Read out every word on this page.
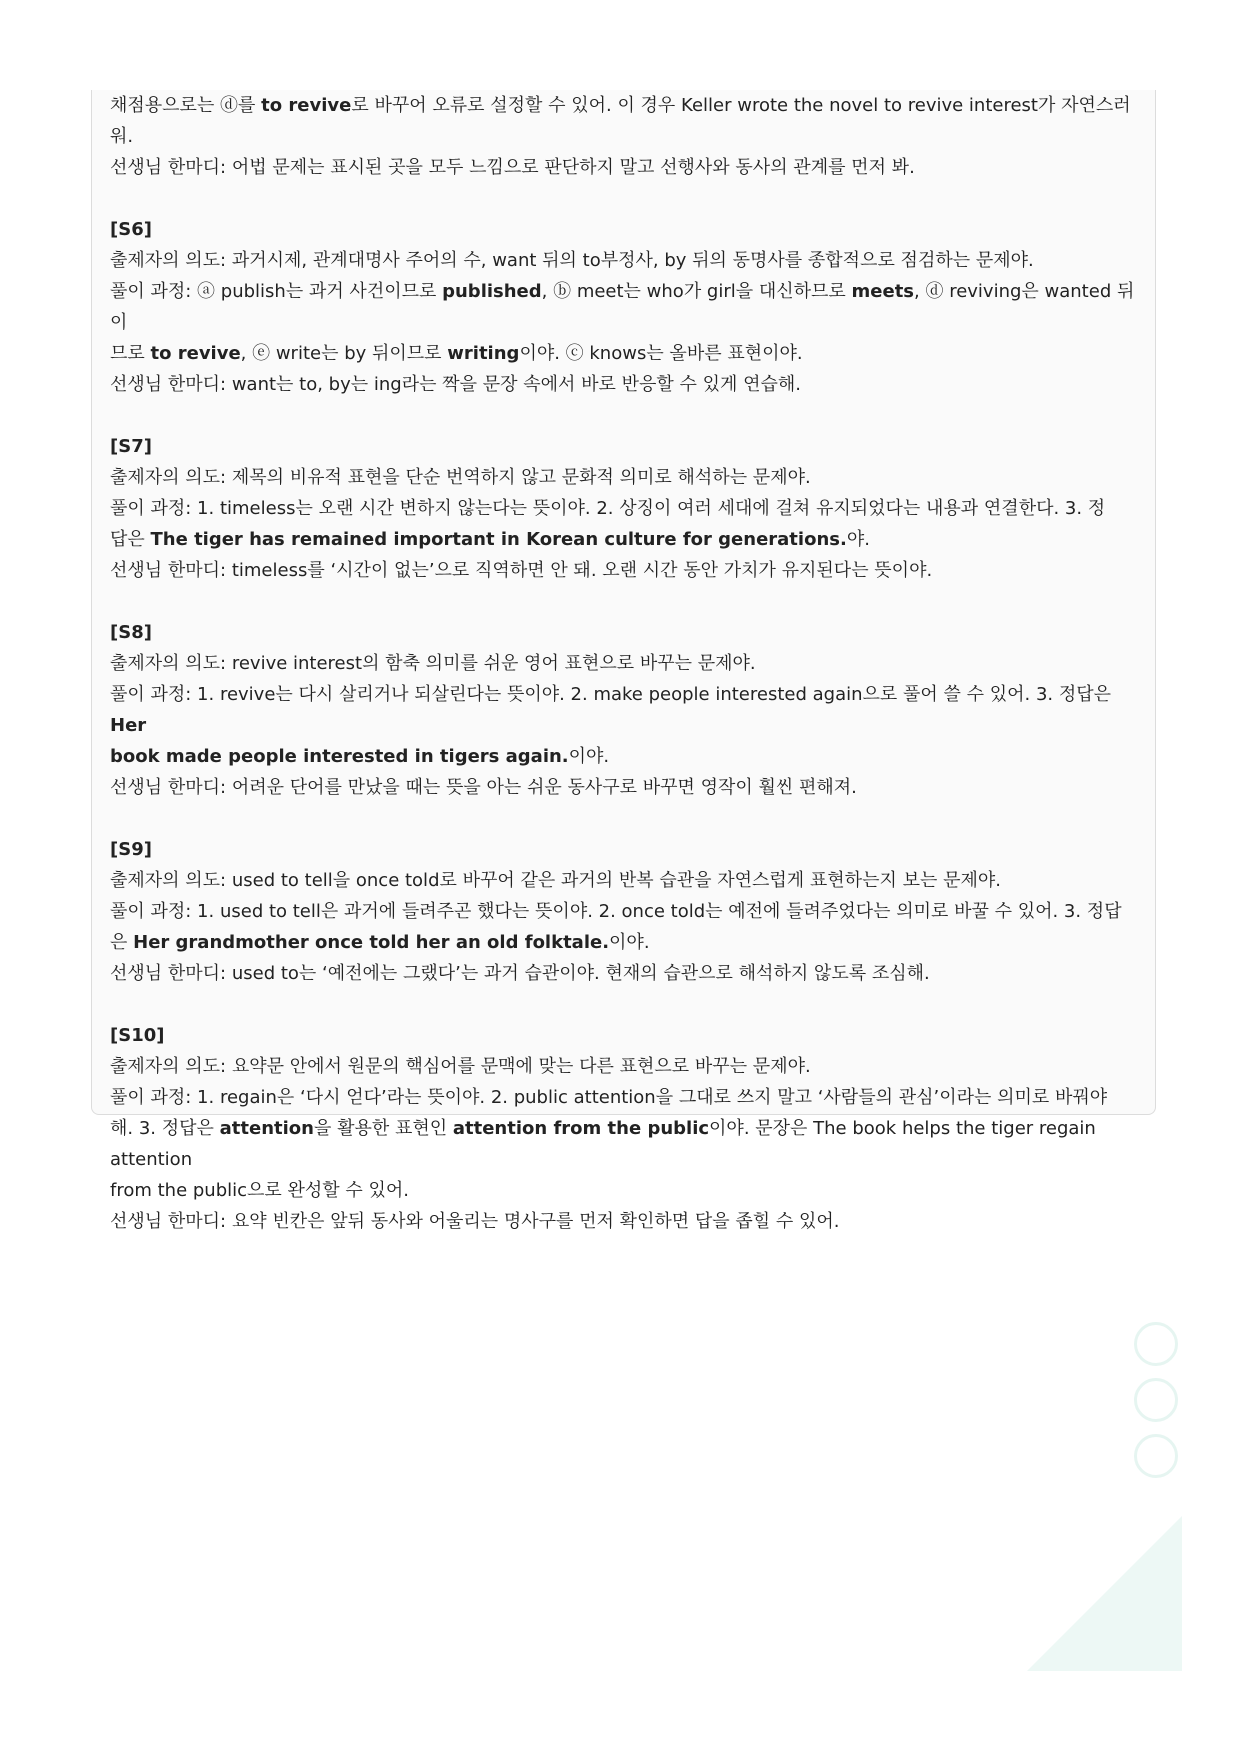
채점용으로는 ⓓ를 to revive로 바꾸어 오류로 설정할 수 있어. 이 경우 Keller wrote the novel to revive interest가 자연스러워.

선생님 한마디: 어법 문제는 표시된 곳을 모두 느낌으로 판단하지 말고 선행사와 동사의 관계를 먼저 봐.

[S6]

출제자의 의도: 과거시제, 관계대명사 주어의 수, want 뒤의 to부정사, by 뒤의 동명사를 종합적으로 점검하는 문제야.

풀이 과정: ⓐ publish는 과거 사건이므로 published, ⓑ meet는 who가 girl을 대신하므로 meets, ⓓ reviving은 wanted 뒤이

므로 to revive, ⓔ write는 by 뒤이므로 writing이야. ⓒ knows는 올바른 표현이야.

선생님 한마디: want는 to, by는 ing라는 짝을 문장 속에서 바로 반응할 수 있게 연습해.

[S7]

출제자의 의도: 제목의 비유적 표현을 단순 번역하지 않고 문화적 의미로 해석하는 문제야.

풀이 과정: 1. timeless는 오랜 시간 변하지 않는다는 뜻이야. 2. 상징이 여러 세대에 걸쳐 유지되었다는 내용과 연결한다. 3. 정

답은 The tiger has remained important in Korean culture for generations.야.

선생님 한마디: timeless를 ‘시간이 없는’으로 직역하면 안 돼. 오랜 시간 동안 가치가 유지된다는 뜻이야.

[S8]

출제자의 의도: revive interest의 함축 의미를 쉬운 영어 표현으로 바꾸는 문제야.

풀이 과정: 1. revive는 다시 살리거나 되살린다는 뜻이야. 2. make people interested again으로 풀어 쓸 수 있어. 3. 정답은 Her

book made people interested in tigers again.이야.

선생님 한마디: 어려운 단어를 만났을 때는 뜻을 아는 쉬운 동사구로 바꾸면 영작이 훨씬 편해져.

[S9]

출제자의 의도: used to tell을 once told로 바꾸어 같은 과거의 반복 습관을 자연스럽게 표현하는지 보는 문제야.

풀이 과정: 1. used to tell은 과거에 들려주곤 했다는 뜻이야. 2. once told는 예전에 들려주었다는 의미로 바꿀 수 있어. 3. 정답

은 Her grandmother once told her an old folktale.이야.

선생님 한마디: used to는 ‘예전에는 그랬다’는 과거 습관이야. 현재의 습관으로 해석하지 않도록 조심해.

[S10]

출제자의 의도: 요약문 안에서 원문의 핵심어를 문맥에 맞는 다른 표현으로 바꾸는 문제야.

풀이 과정: 1. regain은 ‘다시 얻다’라는 뜻이야. 2. public attention을 그대로 쓰지 말고 ‘사람들의 관심’이라는 의미로 바꿔야

해. 3. 정답은 attention을 활용한 표현인 attention from the public이야. 문장은 The book helps the tiger regain attention

from the public으로 완성할 수 있어.

선생님 한마디: 요약 빈칸은 앞뒤 동사와 어울리는 명사구를 먼저 확인하면 답을 좁힐 수 있어.
